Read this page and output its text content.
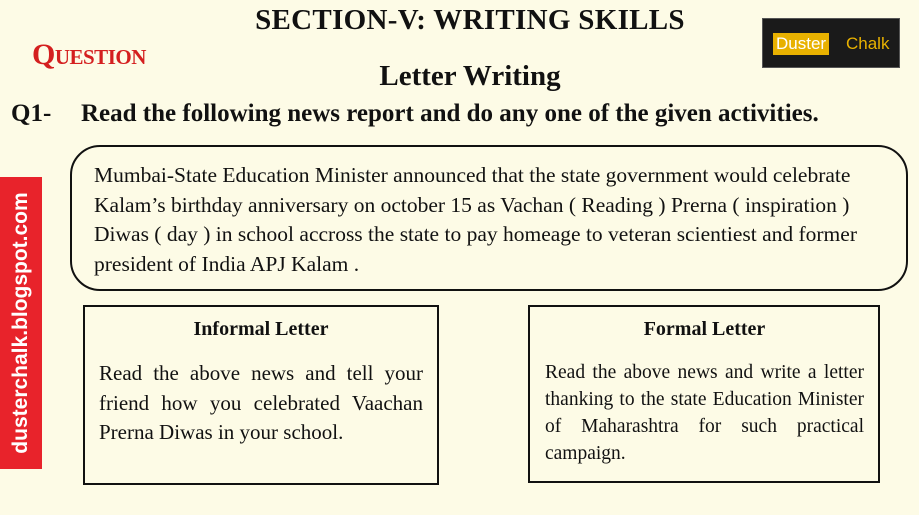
SECTION-V: WRITING SKILLS
Question	Duster Chalk
Letter Writing
Q1- Read the following news report and do any one of the given activities.
dusterchalk.blogspot.com
Mumbai-State Education Minister announced that the state government would celebrate Kalam’s birthday anniversary on october 15 as Vachan ( Reading ) Prerna ( inspiration ) Diwas ( day ) in school accross the state to pay homeage to veteran scientiest and former president of India APJ Kalam .
Informal Letter
Read the above news and tell your friend how you celebrated Vaachan Prerna Diwas in your school.
Formal Letter
Read the above news and write a letter thanking to the state Education Minister of Maharashtra for such practical campaign.
